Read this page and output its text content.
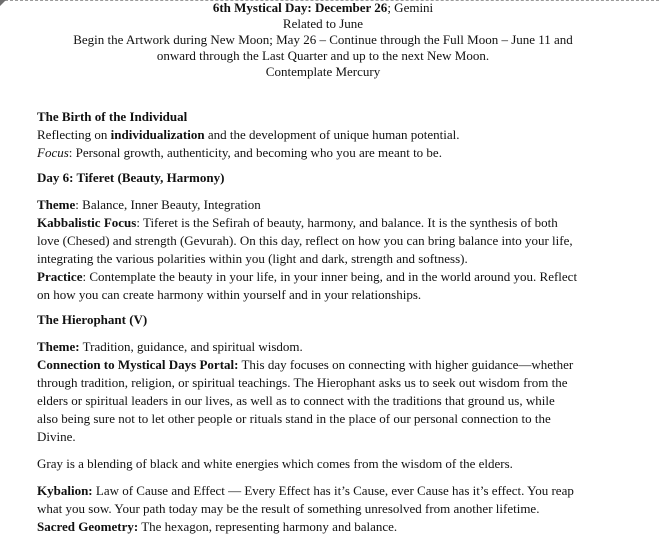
6th Mystical Day: December 26; Gemini
Related to June
Begin the Artwork during New Moon; May 26 – Continue through the Full Moon – June 11 and
onward through the Last Quarter and up to the next New Moon.
Contemplate Mercury

The Birth of the Individual

Reflecting on individualization and the development of unique human potential.

Focus: Personal growth, authenticity, and becoming who you are meant to be.

Day 6: Tiferet (Beauty, Harmony)

Theme: Balance, Inner Beauty, Integration

Kabbalistic Focus: Tiferet is the Sefirah of beauty, harmony, and balance. It is the synthesis of both

love (Chesed) and strength (Gevurah). On this day, reflect on how you can bring balance into your life,

integrating the various polarities within you (light and dark, strength and softness).

Practice: Contemplate the beauty in your life, in your inner being, and in the world around you. Reflect

on how you can create harmony within yourself and in your relationships.

The Hierophant (V)

Theme: Tradition, guidance, and spiritual wisdom.

Connection to Mystical Days Portal: This day focuses on connecting with higher guidance—whether

through tradition, religion, or spiritual teachings. The Hierophant asks us to seek out wisdom from the

elders or spiritual leaders in our lives, as well as to connect with the traditions that ground us, while

also being sure not to let other people or rituals stand in the place of our personal connection to the

Divine.

Gray is a blending of black and white energies which comes from the wisdom of the elders.

Kybalion: Law of Cause and Effect — Every Effect has it’s Cause, ever Cause has it’s effect. You reap

what you sow. Your path today may be the result of something unresolved from another lifetime.

Sacred Geometry: The hexagon, representing harmony and balance.
